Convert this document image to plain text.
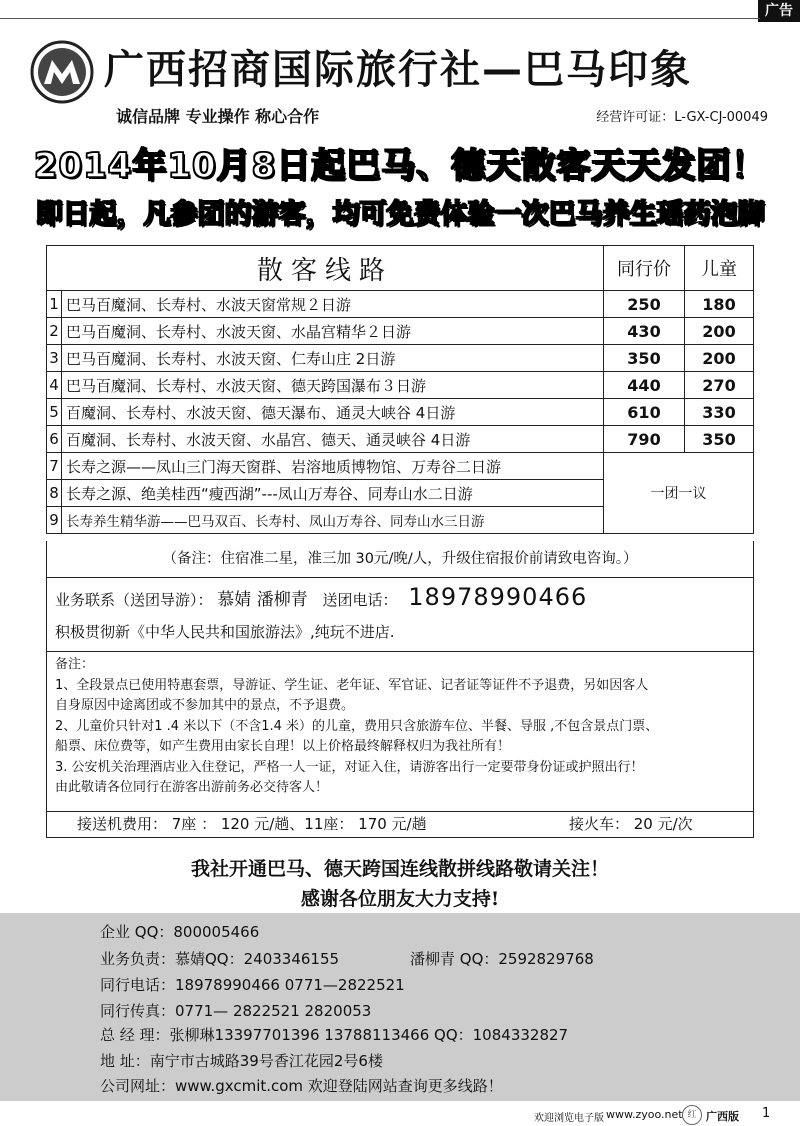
广告
广西招商国际旅行社—巴马印象
诚信品牌 专业操作 称心合作	经营许可证：L-GX-CJ-00049
2014年10月8日起巴马、德天散客天天发团！
即日起，凡参团的游客，均可免费体验一次巴马养生瑶药泡脚
散客线路		同行价	儿童
1	巴马百魔洞、长寿村、水波天窗常规２日游	250	180
2	巴马百魔洞、长寿村、水波天窗、水晶宫精华２日游	430	200
3	巴马百魔洞、长寿村、水波天窗、仁寿山庄 2日游	350	200
4	巴马百魔洞、长寿村、水波天窗、德天跨国瀑布３日游	440	270
5	百魔洞、长寿村、水波天窗、德天瀑布、通灵大峡谷 4日游	610	330
6	百魔洞、长寿村、水波天窗、水晶宫、德天、通灵峡谷 4日游	790	350
7	长寿之源——凤山三门海天窗群、岩溶地质博物馆、万寿谷二日游	一团一议	
8	长寿之源、绝美桂西“瘦西湖”---凤山万寿谷、同寿山水二日游		
9	长寿养生精华游——巴马双百、长寿村、凤山万寿谷、同寿山水三日游		
（备注：住宿准二星，准三加 30元/晚/人，升级住宿报价前请致电咨询。）
业务联系（送团导游）： 慕婧 潘柳青 送团电话： 18978990466
积极贯彻新《中华人民共和国旅游法》,纯玩不进店.
备注：
1、全段景点已使用特惠套票，导游证、学生证、老年证、军官证、记者证等证件不予退费，另如因客人
自身原因中途离团或不参加其中的景点，不予退费。
2、儿童价只针对1 .4 米以下（不含1.4 米）的儿童，费用只含旅游车位、半餐、导服 ,不包含景点门票、
船票、床位费等，如产生费用由家长自理！以上价格最终解释权归为我社所有！
3. 公安机关治理酒店业入住登记，严格一人一证，对证入住，请游客出行一定要带身份证或护照出行！
由此敬请各位同行在游客出游前务必交待客人！
接送机费用： 7座 ： 120 元/趟、11座： 170 元/趟	接火车： 20 元/次
我社开通巴马、德天跨国连线散拼线路敬请关注！
感谢各位朋友大力支持!
企业 QQ：800005466
业务负责：慕婧QQ：2403346155	潘柳青 QQ：2592829768
同行电话：18978990466 0771—2822521
同行传真：0771— 2822521 2820053
总 经 理：张柳琳13397701396 13788113466 QQ：1084332827
地 址：南宁市古城路39号香江花园2号6楼
公司网址：www.gxcmit.com 欢迎登陆网站查询更多线路！
欢迎浏览电子版 www.zyoo.net 红 广西版 1
